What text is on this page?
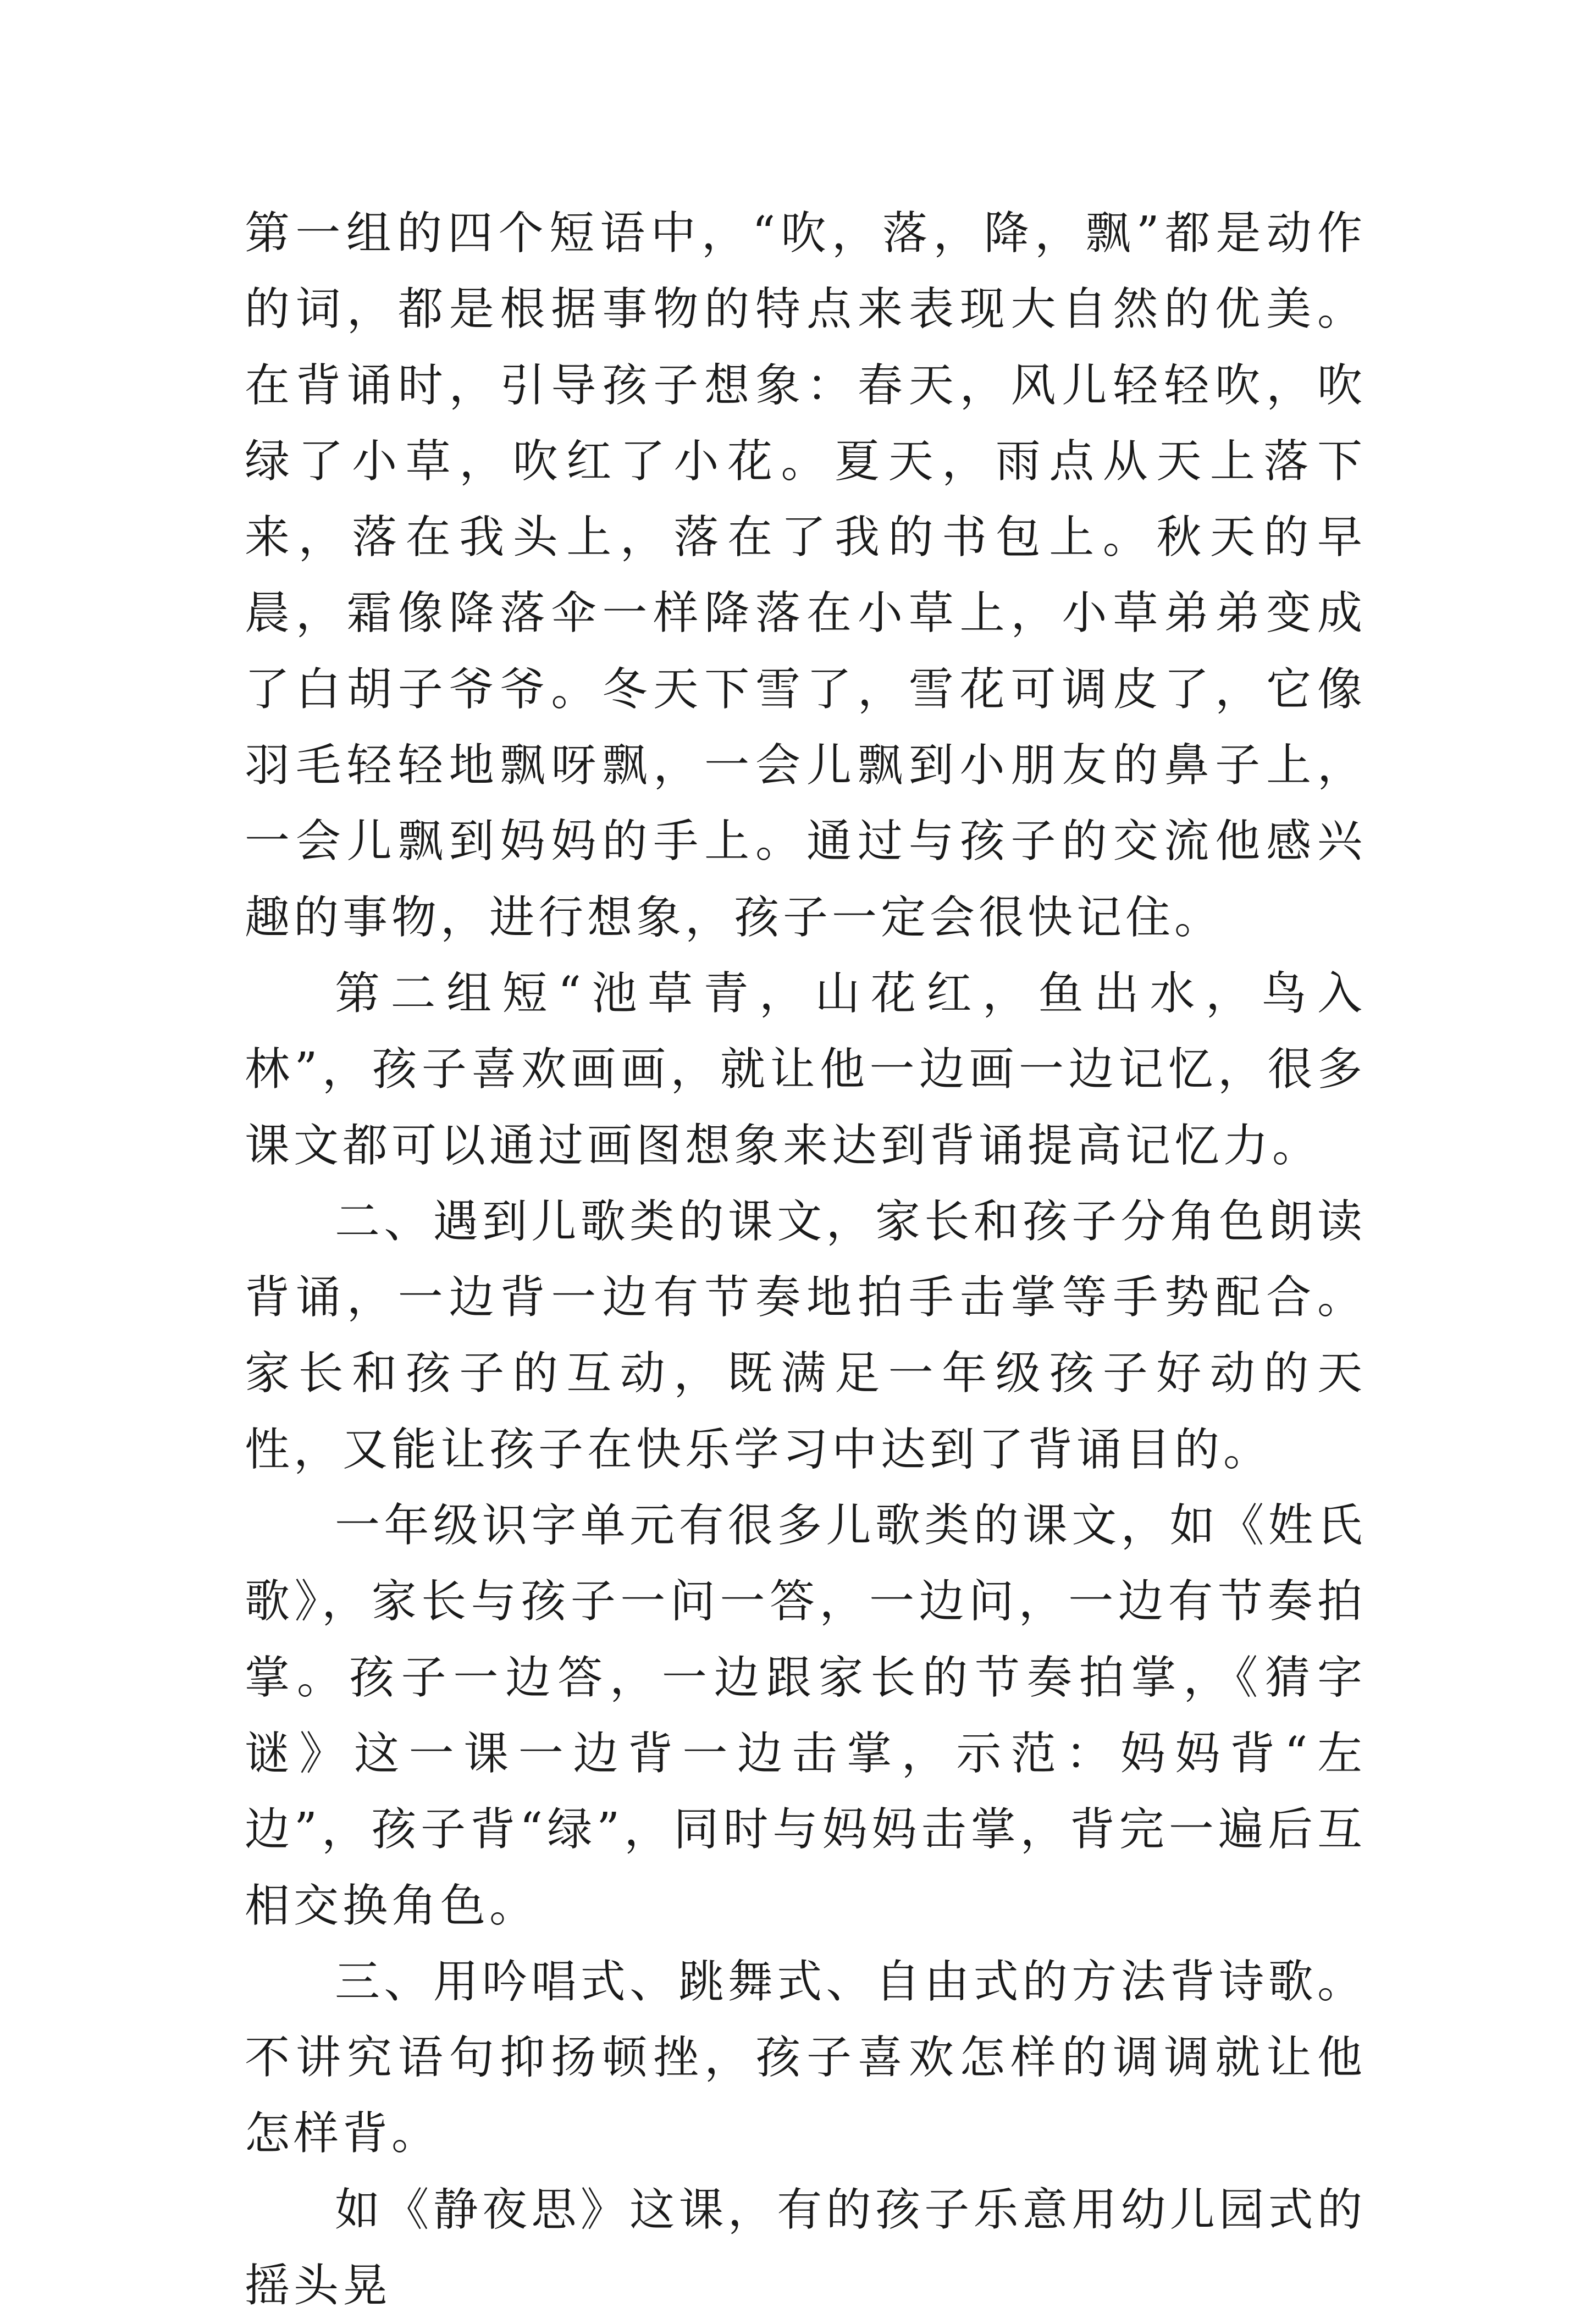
第一组的四个短语中，“吹，落，降，飘”都是动作的词，都是根据事物的特点来表现大自然的优美。在背诵时，引导孩子想象：春天，风儿轻轻吹，吹绿了小草，吹红了小花。夏天，雨点从天上落下来，落在我头上，落在了我的书包上。秋天的早晨，霜像降落伞一样降落在小草上，小草弟弟变成了白胡子爷爷。冬天下雪了，雪花可调皮了，它像羽毛轻轻地飘呀飘，一会儿飘到小朋友的鼻子上，一会儿飘到妈妈的手上。通过与孩子的交流他感兴趣的事物，进行想象，孩子一定会很快记住。

第二组短“池草青，山花红，鱼出水，鸟入林”，孩子喜欢画画，就让他一边画一边记忆，很多课文都可以通过画图想象来达到背诵提高记忆力。

二、遇到儿歌类的课文，家长和孩子分角色朗读背诵，一边背一边有节奏地拍手击掌等手势配合。家长和孩子的互动，既满足一年级孩子好动的天性，又能让孩子在快乐学习中达到了背诵目的。

一年级识字单元有很多儿歌类的课文，如《姓氏歌》，家长与孩子一问一答，一边问，一边有节奏拍掌。孩子一边答，一边跟家长的节奏拍掌，《猜字谜》这一课一边背一边击掌，示范：妈妈背“左边”，孩子背“绿”，同时与妈妈击掌，背完一遍后互相交换角色。

三、用吟唱式、跳舞式、自由式的方法背诗歌。不讲究语句抑扬顿挫，孩子喜欢怎样的调调就让他怎样背。

如《静夜思》这课，有的孩子乐意用幼儿园式的摇头晃
